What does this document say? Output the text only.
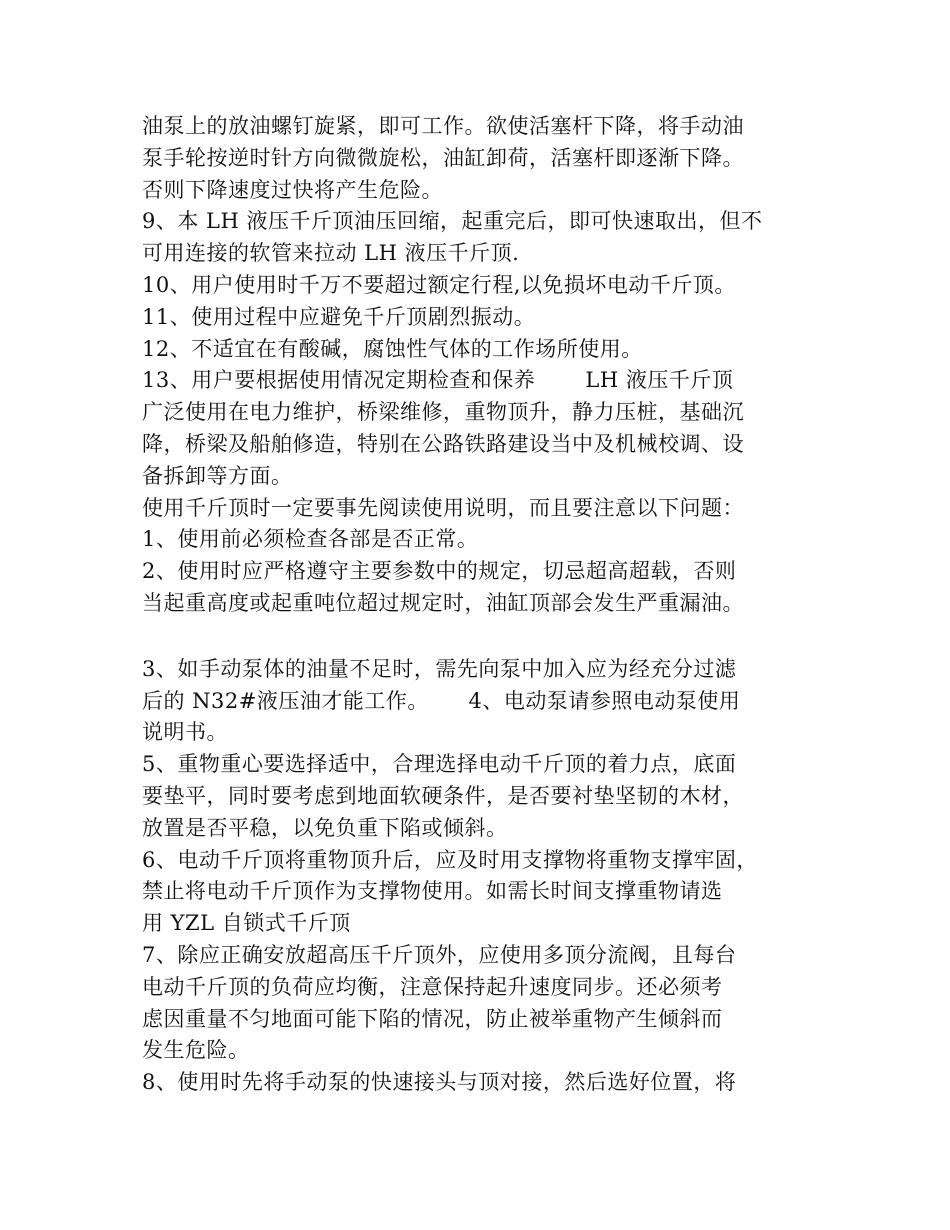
油泵上的放油螺钉旋紧，即可工作。欲使活塞杆下降，将手动油
泵手轮按逆时针方向微微旋松，油缸卸荷，活塞杆即逐渐下降。
否则下降速度过快将产生危险。
9、本 LH 液压千斤顶油压回缩，起重完后，即可快速取出，但不
可用连接的软管来拉动 LH 液压千斤顶.
10、用户使用时千万不要超过额定行程,以免损坏电动千斤顶。
11、使用过程中应避免千斤顶剧烈振动。
12、不适宜在有酸碱，腐蚀性气体的工作场所使用。
13、用户要根据使用情况定期检查和保养　　 LH 液压千斤顶
广泛使用在电力维护，桥梁维修，重物顶升，静力压桩，基础沉
降，桥梁及船舶修造，特别在公路铁路建设当中及机械校调、设
备拆卸等方面。
使用千斤顶时一定要事先阅读使用说明，而且要注意以下问题：
1、使用前必须检查各部是否正常。
2、使用时应严格遵守主要参数中的规定，切忌超高超载，否则
当起重高度或起重吨位超过规定时，油缸顶部会发生严重漏油。
3、如手动泵体的油量不足时，需先向泵中加入应为经充分过滤
后的 N32#液压油才能工作。　　 4、电动泵请参照电动泵使用
说明书。
5、重物重心要选择适中，合理选择电动千斤顶的着力点，底面
要垫平，同时要考虑到地面软硬条件，是否要衬垫坚韧的木材，
放置是否平稳，以免负重下陷或倾斜。
6、电动千斤顶将重物顶升后，应及时用支撑物将重物支撑牢固，
禁止将电动千斤顶作为支撑物使用。如需长时间支撑重物请选
用 YZL 自锁式千斤顶
7、除应正确安放超高压千斤顶外，应使用多顶分流阀，且每台
电动千斤顶的负荷应均衡，注意保持起升速度同步。还必须考
虑因重量不匀地面可能下陷的情况，防止被举重物产生倾斜而
发生危险。
8、使用时先将手动泵的快速接头与顶对接，然后选好位置，将
